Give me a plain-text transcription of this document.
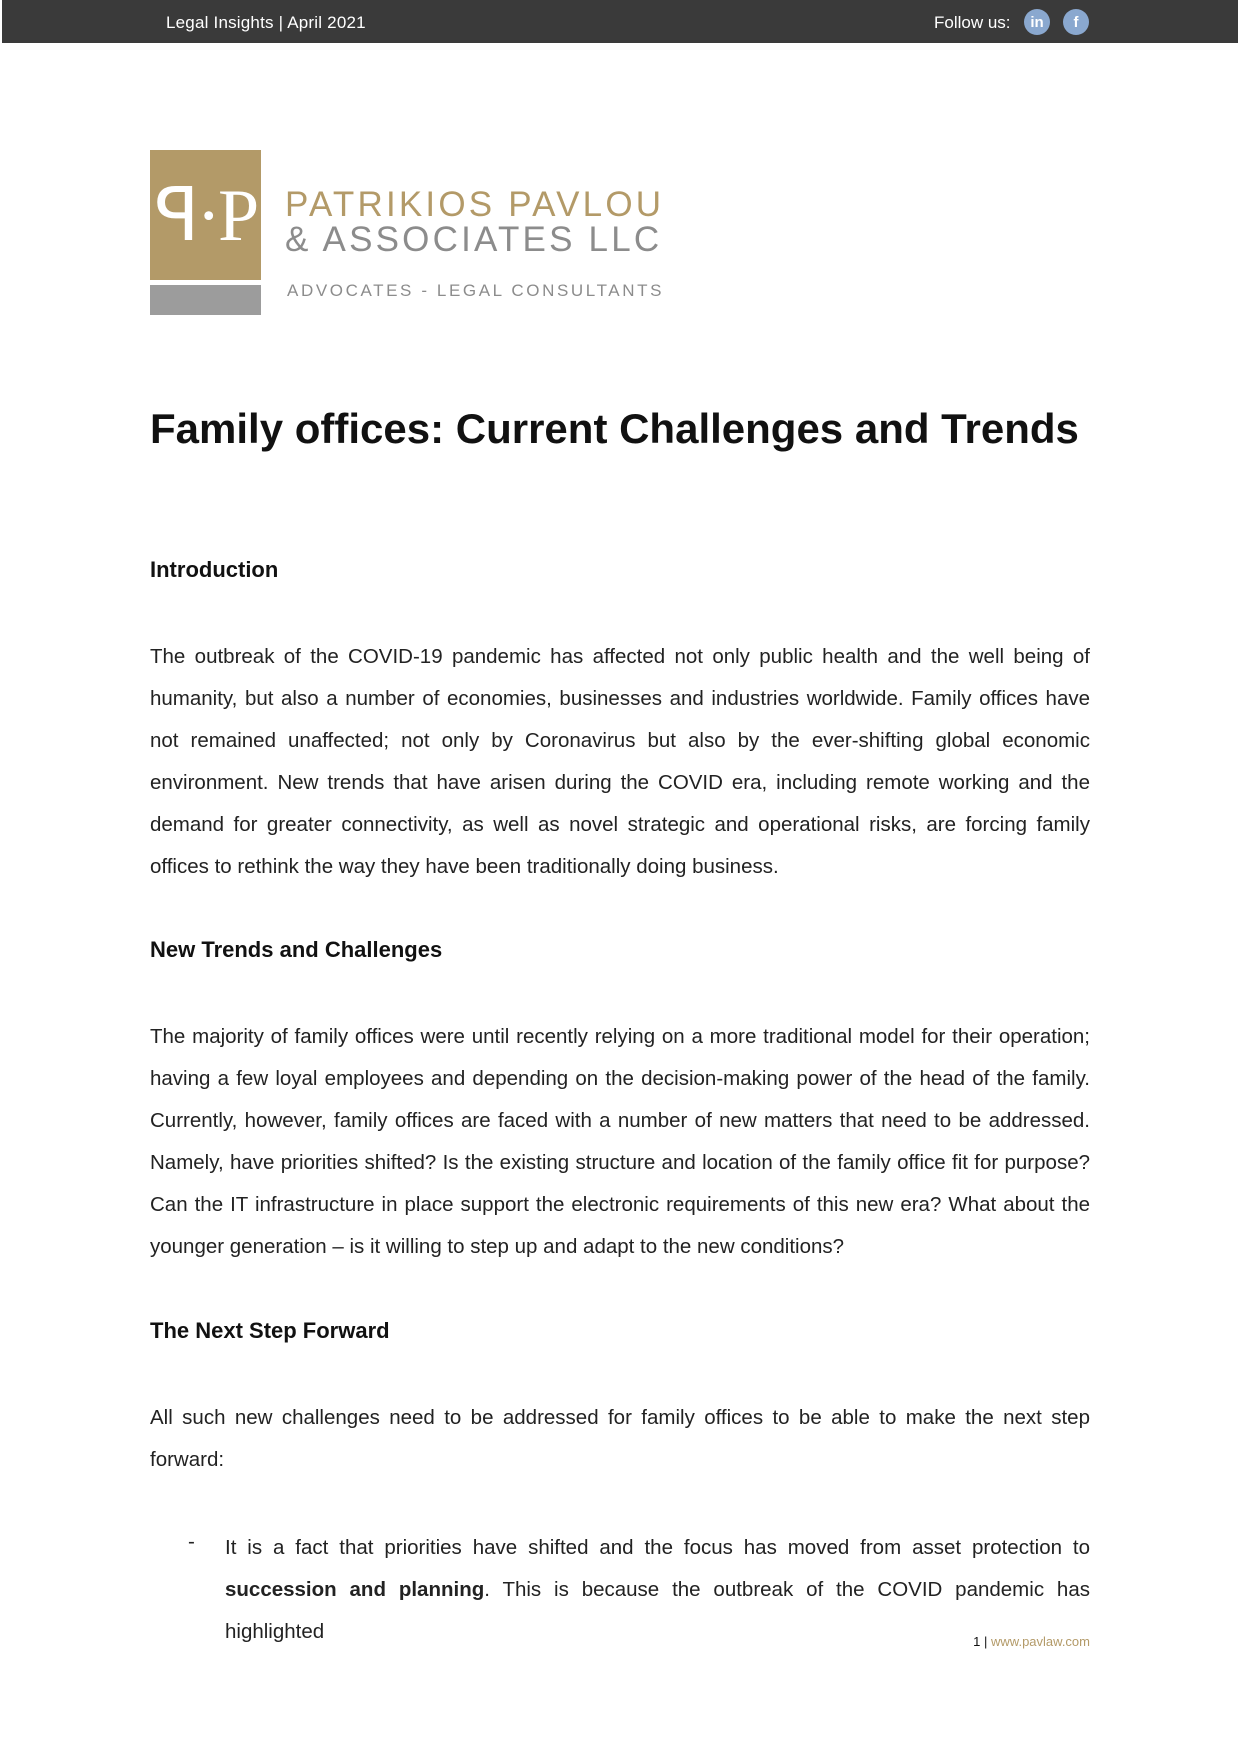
Legal Insights | April 2021	Follow us:	in	f
ꟼ·P PATRIKIOS PAVLOU
& ASSOCIATES LLC
ADVOCATES - LEGAL CONSULTANTS
Family offices: Current Challenges and Trends
Introduction
The outbreak of the COVID-19 pandemic has affected not only public health and the well being of humanity, but also a number of economies, businesses and industries worldwide. Family offices have not remained unaffected; not only by Coronavirus but also by the ever-shifting global economic environment. New trends that have arisen during the COVID era, including remote working and the demand for greater connectivity, as well as novel strategic and operational risks, are forcing family offices to rethink the way they have been traditionally doing business.
New Trends and Challenges
The majority of family offices were until recently relying on a more traditional model for their operation; having a few loyal employees and depending on the decision-making power of the head of the family. Currently, however, family offices are faced with a number of new matters that need to be addressed. Namely, have priorities shifted? Is the existing structure and location of the family office fit for purpose? Can the IT infrastructure in place support the electronic requirements of this new era? What about the younger generation – is it willing to step up and adapt to the new conditions?
The Next Step Forward
All such new challenges need to be addressed for family offices to be able to make the next step forward:
- It is a fact that priorities have shifted and the focus has moved from asset protection to succession and planning. This is because the outbreak of the COVID pandemic has highlighted	1 | www.pavlaw.com
